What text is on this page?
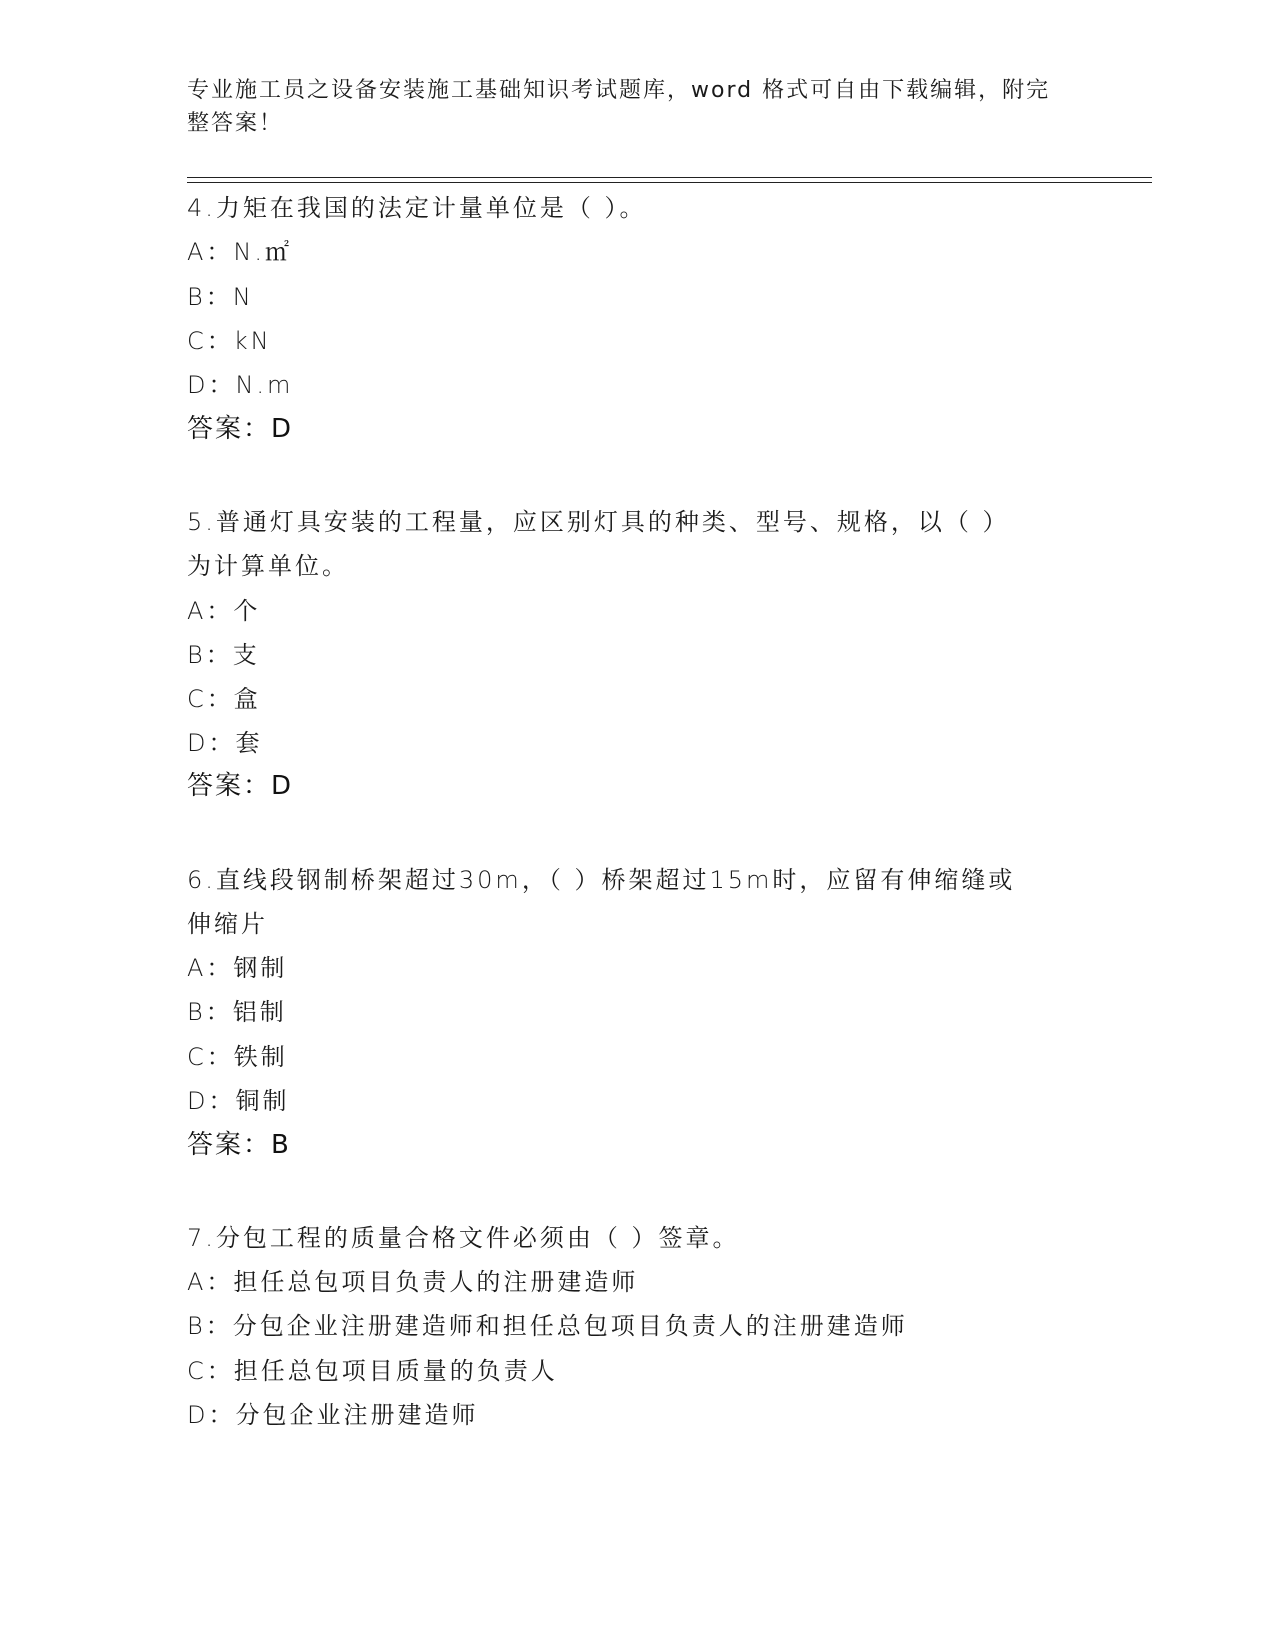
专业施工员之设备安装施工基础知识考试题库，word 格式可自由下载编辑，附完
整答案！
4.力矩在我国的法定计量单位是（ ）。
A：N.㎡
B：N
C：kN
D：N.m
答案：D
5.普通灯具安装的工程量，应区别灯具的种类、型号、规格，以（ ）
为计算单位。
A：个
B：支
C：盒
D：套
答案：D
6.直线段钢制桥架超过30m，（ ）桥架超过15m时，应留有伸缩缝或
伸缩片
A：钢制
B：铝制
C：铁制
D：铜制
答案：B
7.分包工程的质量合格文件必须由（ ）签章。
A：担任总包项目负责人的注册建造师
B：分包企业注册建造师和担任总包项目负责人的注册建造师
C：担任总包项目质量的负责人
D：分包企业注册建造师
